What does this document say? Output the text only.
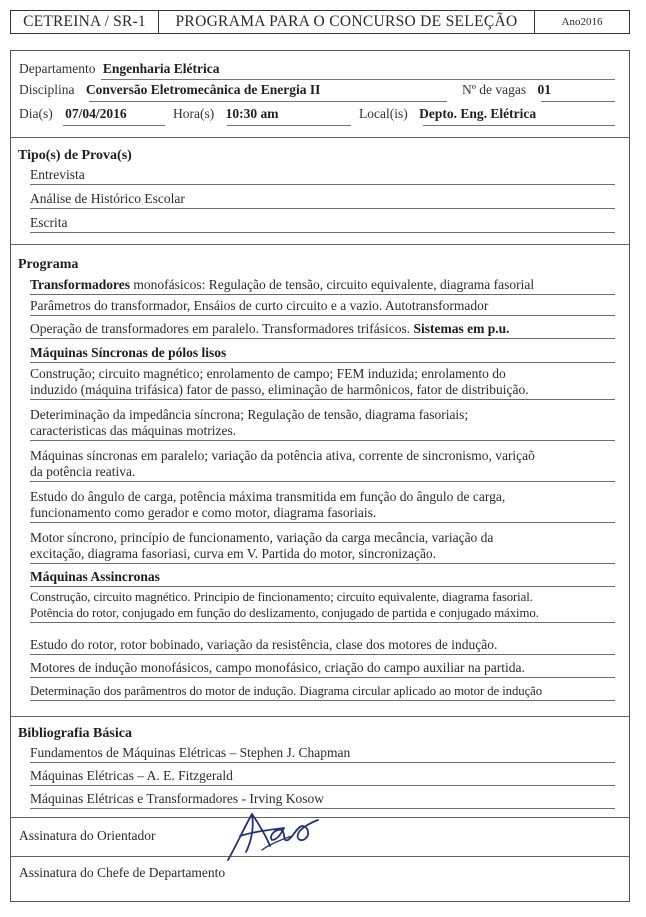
CETREINA / SR-1	PROGRAMA PARA O CONCURSO DE SELEÇÃO	Ano2016
Departamento Engenharia Elétrica
Disciplina Conversão Eletromecânica de Energia II	Nº de vagas 01
Dia(s) 07/04/2016	Hora(s) 10:30 am	Local(is) Depto. Eng. Elétrica
Tipo(s) de Prova(s)
Entrevista
Análise de Histórico Escolar
Escrita
Programa
Transformadores monofásicos: Regulação de tensão, circuito equivalente, diagrama fasorial
Parâmetros do transformador, Ensáios de curto circuito e a vazio. Autotransformador
Operação de transformadores em paralelo. Transformadores trifásicos. Sistemas em p.u.
Máquinas Síncronas de pólos lisos
Construção; circuito magnético; enrolamento de campo; FEM induzida; enrolamento do
induzido (máquina trifásica) fator de passo, eliminação de harmônicos, fator de distribuição.
Deteriminação da impedância síncrona; Regulação de tensão, diagrama fasoriais;
caracteristicas das máquinas motrizes.
Máquinas síncronas em paralelo; variação da potência ativa, corrente de sincronismo, variçaõ
da potência reativa.
Estudo do ângulo de carga, potência máxima transmitida em função do ângulo de carga,
funcionamento como gerador e como motor, diagrama fasoriais.
Motor síncrono, princípio de funcionamento, variação da carga mecância, variação da
excitação, diagrama fasoriasi, curva em V. Partida do motor, sincronização.
Máquinas Assincronas
Construção, circuito magnético. Principio de fincionamento; circuito equivalente, diagrama fasorial.
Potência do rotor, conjugado em função do deslizamento, conjugado de partida e conjugado máximo.
Estudo do rotor, rotor bobinado, variação da resistência, clase dos motores de indução.
Motores de indução monofásicos, campo monofásico, criação do campo auxiliar na partida.
Determinação dos parâmentros do motor de indução. Diagrama circular aplicado ao motor de indução
Bibliografia Básica
Fundamentos de Máquinas Elétricas – Stephen J. Chapman
Máquinas Elétricas – A. E. Fitzgerald
Máquinas Elétricas e Transformadores - Irving Kosow
Assinatura do Orientador
Assinatura do Chefe de Departamento
